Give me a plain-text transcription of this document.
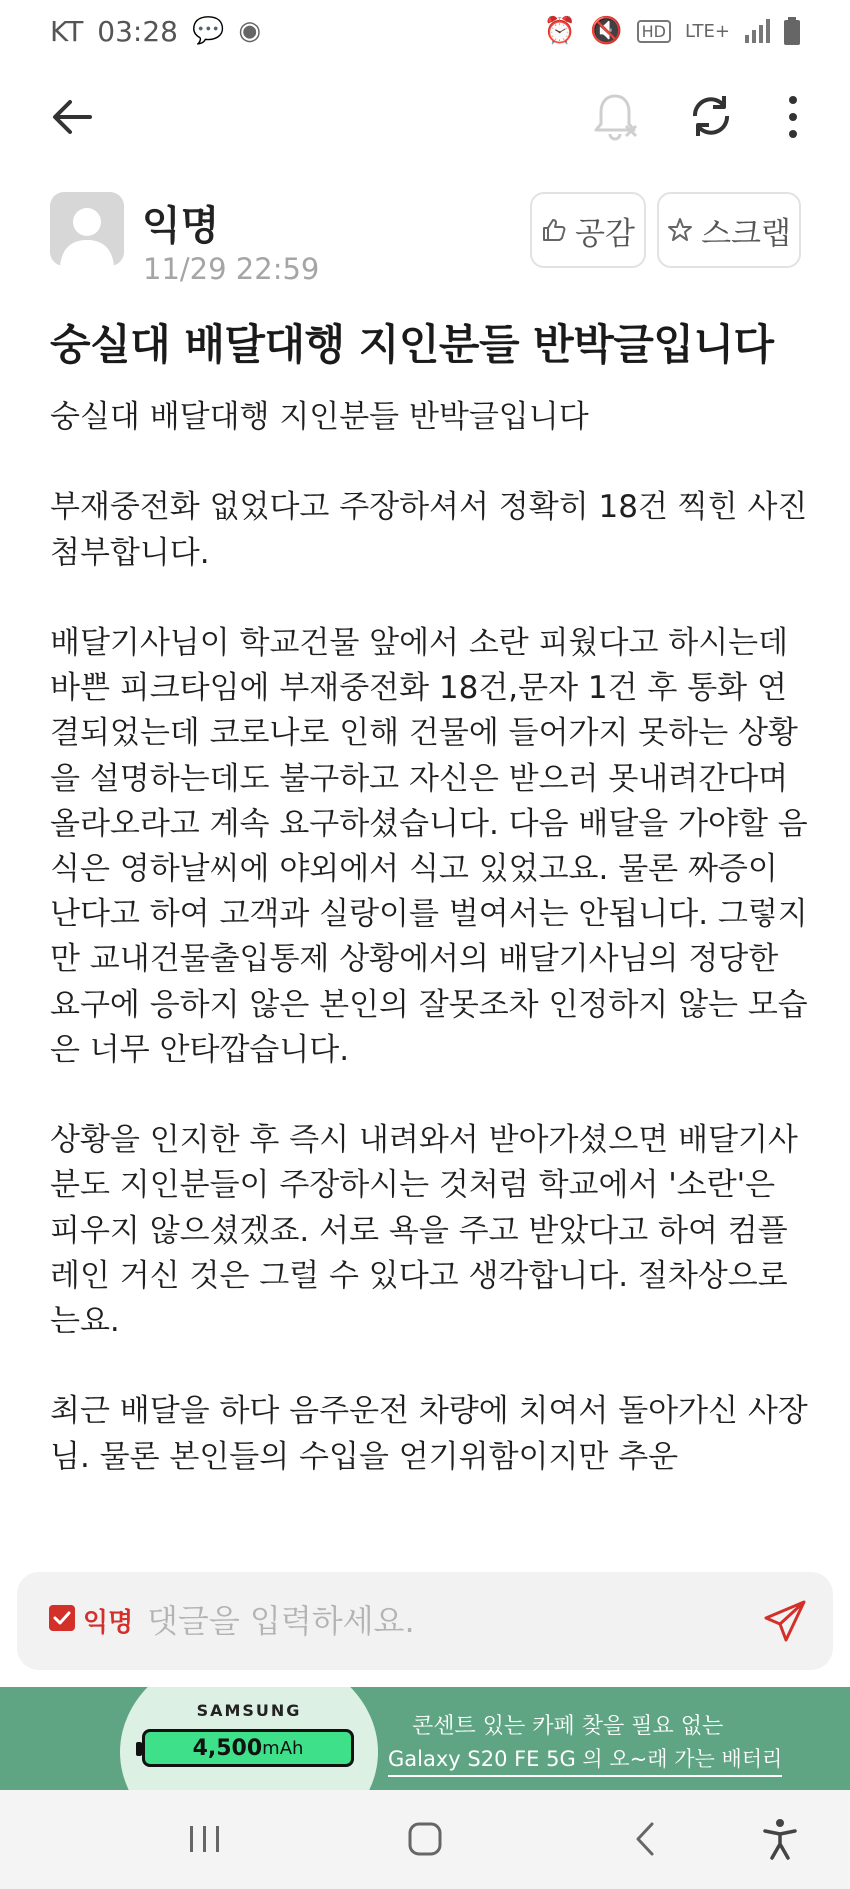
KT 03:28 💬 ◉	⏰ 🔇	HD LTE+
익명
11/29 22:59
공감 스크랩
숭실대 배달대행 지인분들 반박글입니다
숭실대 배달대행 지인분들 반박글입니다

부재중전화 없었다고 주장하셔서 정확히 18건 찍힌 사진 첨부합니다.

배달기사님이 학교건물 앞에서 소란 피웠다고 하시는데
바쁜 피크타임에 부재중전화 18건,문자 1건 후 통화 연결되었는데 코로나로 인해 건물에 들어가지 못하는 상황을 설명하는데도 불구하고 자신은 받으러 못내려간다며 올라오라고 계속 요구하셨습니다. 다음 배달을 가야할 음식은 영하날씨에 야외에서 식고 있었고요. 물론 짜증이 난다고 하여 고객과 실랑이를 벌여서는 안됩니다. 그렇지만 교내건물출입통제 상황에서의 배달기사님의 정당한 요구에 응하지 않은 본인의 잘못조차 인정하지 않는 모습은 너무 안타깝습니다.

상황을 인지한 후 즉시 내려와서 받아가셨으면 배달기사분도 지인분들이 주장하시는 것처럼 학교에서 '소란'은 피우지 않으셨겠죠. 서로 욕을 주고 받았다고 하여 컴플레인 거신 것은 그럴 수 있다고 생각합니다. 절차상으로는요.

최근 배달을 하다 음주운전 차량에 치여서 돌아가신 사장님. 물론 본인들의 수입을 얻기위함이지만 추운
익명
댓글을 입력하세요.
SAMSUNG
4,500 mAh
콘센트 있는 카페 찾을 필요 없는
Galaxy S20 FE 5G 의 오~래 가는 배터리
